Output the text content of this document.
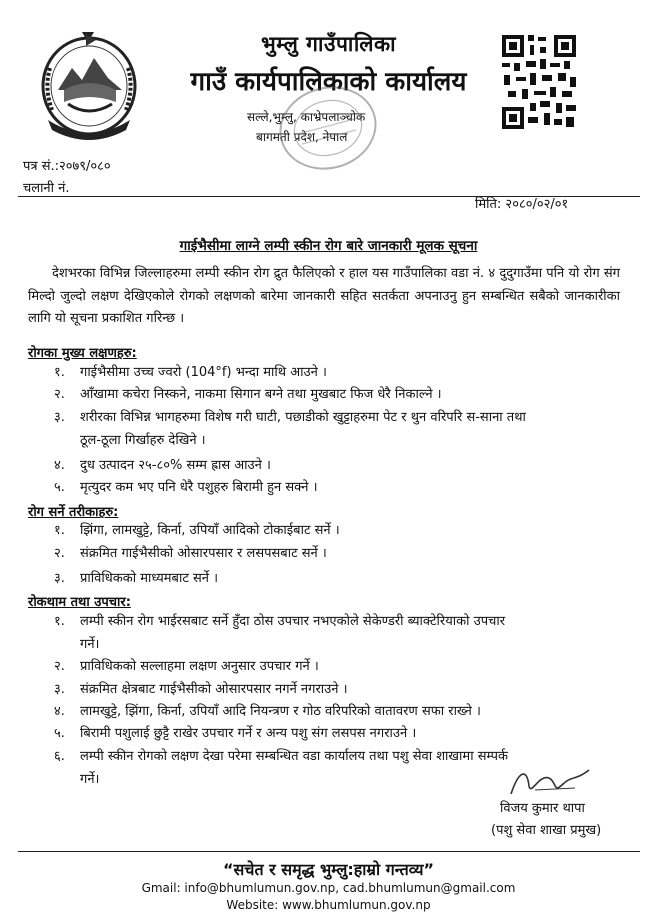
भुम्लु गाउँपालिका
गाउँ कार्यपालिकाको कार्यालय
सल्ले,भुम्लु, काभ्रेपलाञ्चोक
बागमती प्रदेश, नेपाल
पत्र सं.:२०७९/०८०
चलानी नं.
मिति: २०८०/०२/०१
गाईभैसीमा लाग्ने लम्पी स्कीन रोग बारे जानकारी मूलक सूचना
देशभरका विभिन्न जिल्लाहरुमा लम्पी स्कीन रोग द्रुत फैलिएको र हाल यस गाउँपालिका वडा नं. ४ दुदुगाउँमा पनि यो रोग संग मिल्दो जुल्दो लक्षण देखिएकोले रोगको लक्षणको बारेमा जानकारी सहित सतर्कता अपनाउनु हुन सम्बन्धित सबैको जानकारीका लागि यो सूचना प्रकाशित गरिन्छ ।
रोगका मुख्य लक्षणहरु:
१. गाईभैसीमा उच्च ज्वरो (104°f) भन्दा माथि आउने ।
२. आँखामा कचेरा निस्कने, नाकमा सिगान बग्ने तथा मुखबाट फिज धेरै निकाल्ने ।
३. शरीरका विभिन्न भागहरुमा विशेष गरी घाटी, पछाडीको खुट्टाहरुमा पेट र थुन वरिपरि स-साना तथा
ठूल-ठूला गिर्खाहरु देखिने ।
४. दुध उत्पादन २५-८०% सम्म ह्रास आउने ।
५. मृत्युदर कम भए पनि धेरै पशुहरु बिरामी हुन सक्ने ।
रोग सर्ने तरीकाहरु:
१. झिंगा, लामखुट्टे, किर्ना, उपियाँ आदिको टोकाईबाट सर्ने ।
२. संक्रमित गाईभैसीको ओसारपसार र लसपसबाट सर्ने ।
३. प्राविधिकको माध्यमबाट सर्ने ।
रोकथाम तथा उपचार:
१. लम्पी स्कीन रोग भाईरसबाट सर्ने हुँदा ठोस उपचार नभएकोले सेकेण्डरी ब्याक्टेरियाको उपचार
गर्ने।
२. प्राविधिकको सल्लाहमा लक्षण अनुसार उपचार गर्ने ।
३. संक्रमित क्षेत्रबाट गाईभैसीको ओसारपसार नगर्ने नगराउने ।
४. लामखुट्टे, झिंगा, किर्ना, उपियाँ आदि नियन्त्रण र गोठ वरिपरिको वातावरण सफा राख्ने ।
५. बिरामी पशुलाई छुट्टै राखेर उपचार गर्ने र अन्य पशु संग लसपस नगराउने ।
६. लम्पी स्कीन रोगको लक्षण देखा परेमा सम्बन्धित वडा कार्यालय तथा पशु सेवा शाखामा सम्पर्क
गर्ने।
विजय कुमार थापा
(पशु सेवा शाखा प्रमुख)
“सचेत र समृद्ध भुम्लु:हाम्रो गन्तव्य”
Gmail: info@bhumlumun.gov.np, cad.bhumlumun@gmail.com
Website: www.bhumlumun.gov.np
